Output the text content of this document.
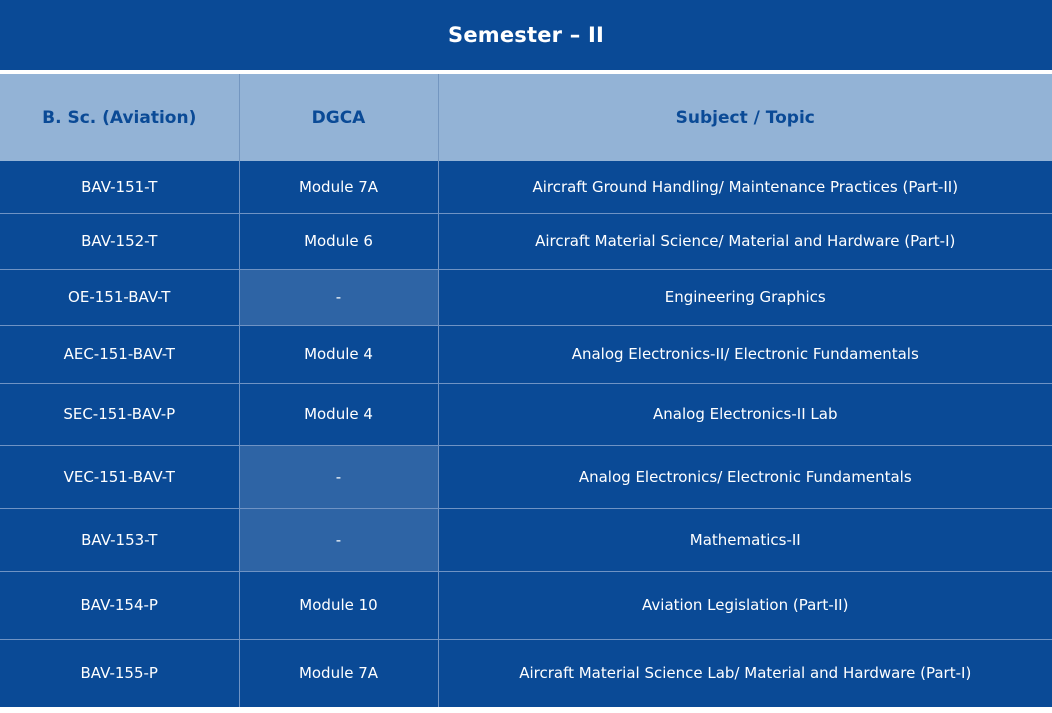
Semester – II
B. Sc. (Aviation)	DGCA	Subject / Topic
BAV-151-T	Module 7A	Aircraft Ground Handling/ Maintenance Practices (Part-II)
BAV-152-T	Module 6	Aircraft Material Science/ Material and Hardware (Part-I)
OE-151-BAV-T	-	Engineering Graphics
AEC-151-BAV-T	Module 4	Analog Electronics-II/ Electronic Fundamentals
SEC-151-BAV-P	Module 4	Analog Electronics-II Lab
VEC-151-BAV-T	-	Analog Electronics/ Electronic Fundamentals
BAV-153-T	-	Mathematics-II
BAV-154-P	Module 10	Aviation Legislation (Part-II)
BAV-155-P	Module 7A	Aircraft Material Science Lab/ Material and Hardware (Part-I)
